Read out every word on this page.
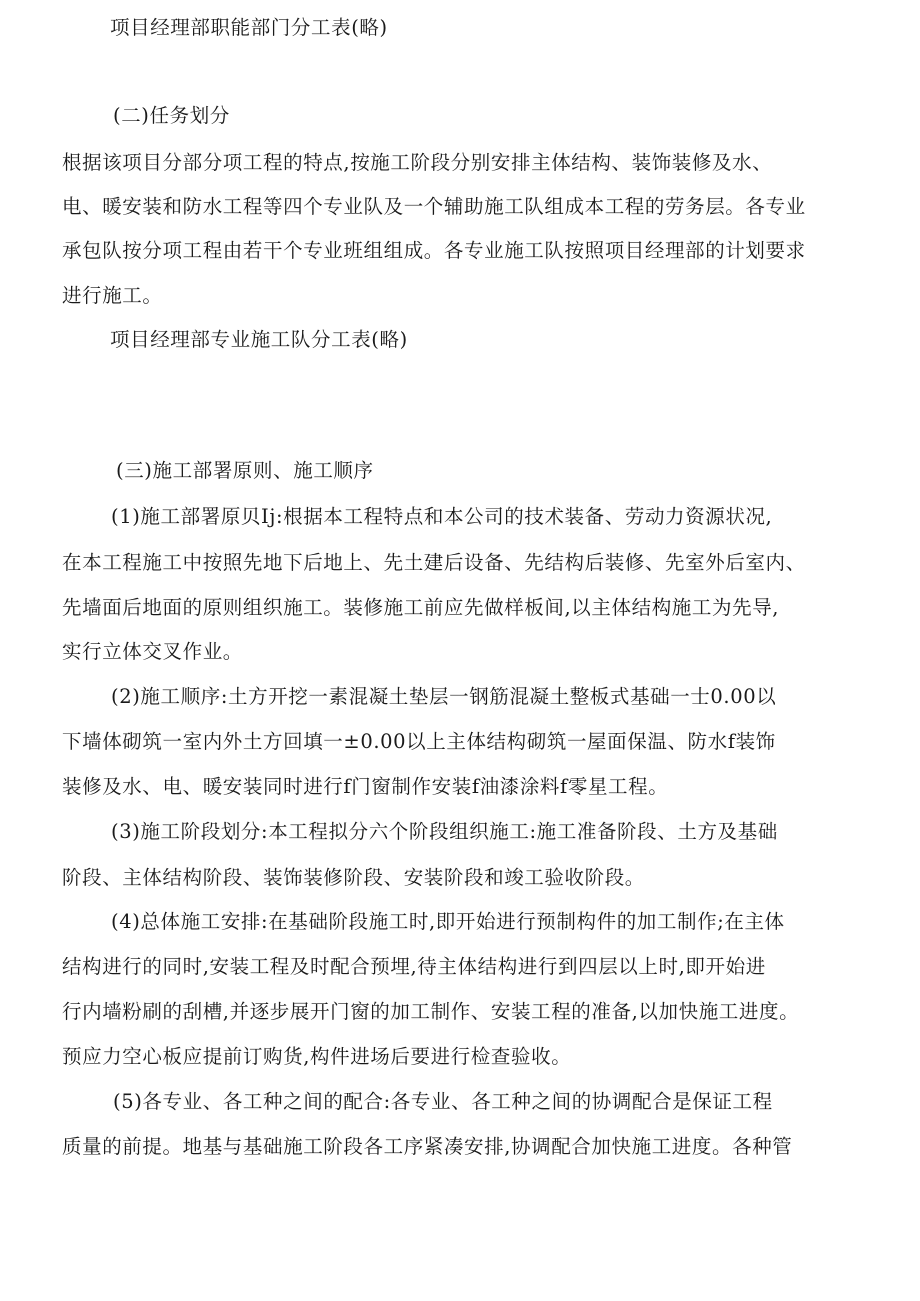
项目经理部职能部门分工表(略)
(二)任务划分
根据该项目分部分项工程的特点,按施工阶段分别安排主体结构、装饰装修及水、
电、暖安装和防水工程等四个专业队及一个辅助施工队组成本工程的劳务层。各专业
承包队按分项工程由若干个专业班组组成。各专业施工队按照项目经理部的计划要求
进行施工。
项目经理部专业施工队分工表(略)
(三)施工部署原则、施工顺序
(1)施工部署原贝Ij:根据本工程特点和本公司的技术装备、劳动力资源状况,
在本工程施工中按照先地下后地上、先土建后设备、先结构后装修、先室外后室内、
先墙面后地面的原则组织施工。装修施工前应先做样板间,以主体结构施工为先导,
实行立体交叉作业。
(2)施工顺序:土方开挖一素混凝土垫层一钢筋混凝土整板式基础一士0.00以
下墙体砌筑一室内外土方回填一±0.00以上主体结构砌筑一屋面保温、防水f装饰
装修及水、电、暖安装同时进行f门窗制作安装f油漆涂料f零星工程。
(3)施工阶段划分:本工程拟分六个阶段组织施工:施工准备阶段、土方及基础
阶段、主体结构阶段、装饰装修阶段、安装阶段和竣工验收阶段。
(4)总体施工安排:在基础阶段施工时,即开始进行预制构件的加工制作;在主体
结构进行的同时,安装工程及时配合预埋,待主体结构进行到四层以上时,即开始进
行内墙粉刷的刮槽,并逐步展开门窗的加工制作、安装工程的准备,以加快施工进度。
预应力空心板应提前订购货,构件进场后要进行检查验收。
(5)各专业、各工种之间的配合:各专业、各工种之间的协调配合是保证工程
质量的前提。地基与基础施工阶段各工序紧凑安排,协调配合加快施工进度。各种管
